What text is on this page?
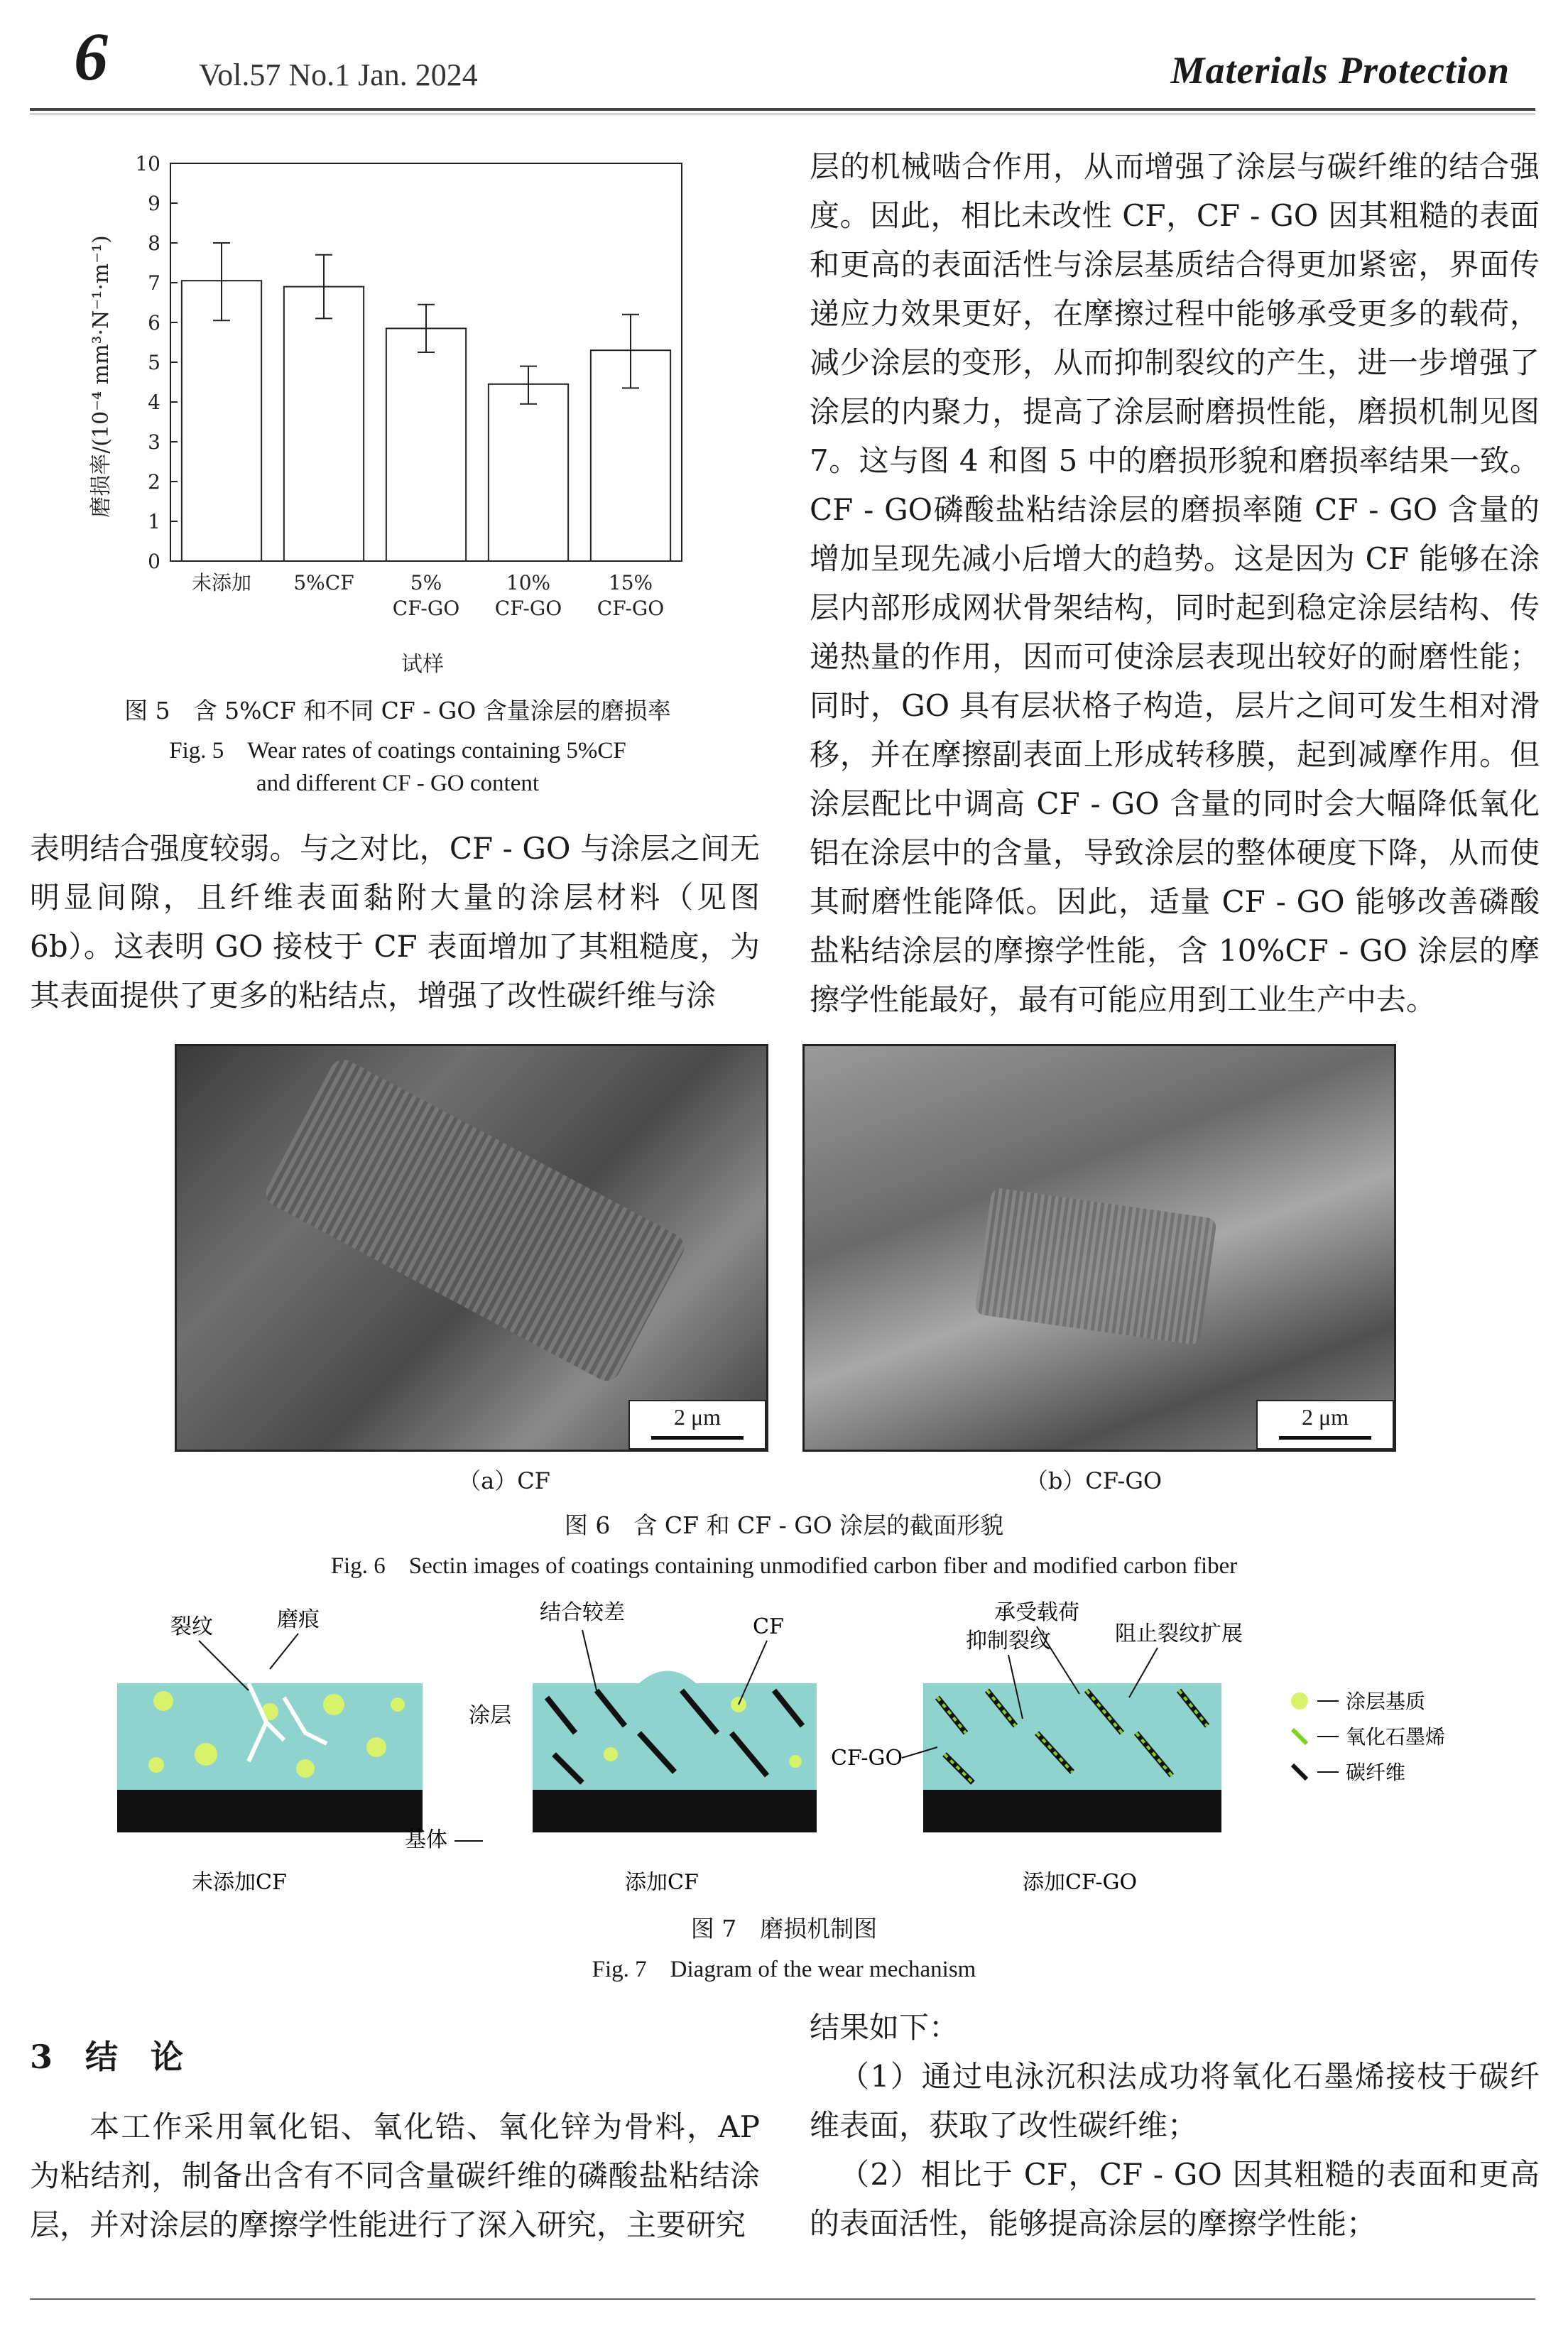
6	Vol.57 No.1 Jan. 2024	Materials Protection
磨损率/(10⁻⁴ mm³·N⁻¹·m⁻¹)
0
1
2
3
4
5
6
7
8
9
10
未添加 5%CF	5% CF-GO
10% CF-GO
15% CF-GO
试样
图 5　含 5%CF 和不同 CF - GO 含量涂层的磨损率
Fig. 5　Wear rates of coatings containing 5%CF
and different CF - GO content

层的机械啮合作用，从而增强了涂层与碳纤维的结合强度。因此，相比未改性 CF，CF - GO 因其粗糙的表面和更高的表面活性与涂层基质结合得更加紧密，界面传递应力效果更好，在摩擦过程中能够承受更多的载荷，减少涂层的变形，从而抑制裂纹的产生，进一步增强了涂层的内聚力，提高了涂层耐磨损性能，磨损机制见图 7。这与图 4 和图 5 中的磨损形貌和磨损率结果一致。CF - GO磷酸盐粘结涂层的磨损率随 CF - GO 含量的增加呈现先减小后增大的趋势。这是因为 CF 能够在涂层内部形成网状骨架结构，同时起到稳定涂层结构、传递热量的作用，因而可使涂层表现出较好的耐磨性能；同时，GO 具有层状格子构造，层片之间可发生相对滑移，并在摩擦副表面上形成转移膜，起到减摩作用。但涂层配比中调高 CF - GO 含量的同时会大幅降低氧化铝在涂层中的含量，导致涂层的整体硬度下降，从而使其耐磨性能降低。因此，适量 CF - GO 能够改善磷酸盐粘结涂层的摩擦学性能，含 10%CF - GO 涂层的摩擦学性能最好，最有可能应用到工业生产中去。

表明结合强度较弱。与之对比，CF - GO 与涂层之间无明显间隙，且纤维表面黏附大量的涂层材料（见图6b）。这表明 GO 接枝于 CF 表面增加了其粗糙度，为其表面提供了更多的粘结点，增强了改性碳纤维与涂
2 μm	2 μm
（a）CF	（b）CF-GO
图 6　含 CF 和 CF - GO 涂层的截面形貌
Fig. 6　Sectin images of coatings containing unmodified carbon fiber and modified carbon fiber
裂纹	磨痕
未添加CF
结合较差
CF
涂层
添加CF
基体
承受载荷
抑制裂纹	阻止裂纹扩展
CF-GO
添加CF-GO
涂层基质
氧化石墨烯
碳纤维
图 7　磨损机制图
Fig. 7　Diagram of the wear mechanism
3　结　论
本工作采用氧化铝、氧化锆、氧化锌为骨料，AP 为粘结剂，制备出含有不同含量碳纤维的磷酸盐粘结涂层，并对涂层的摩擦学性能进行了深入研究，主要研究
结果如下：
（1）通过电泳沉积法成功将氧化石墨烯接枝于碳纤维表面，获取了改性碳纤维；
（2）相比于 CF，CF - GO 因其粗糙的表面和更高的表面活性，能够提高涂层的摩擦学性能；
